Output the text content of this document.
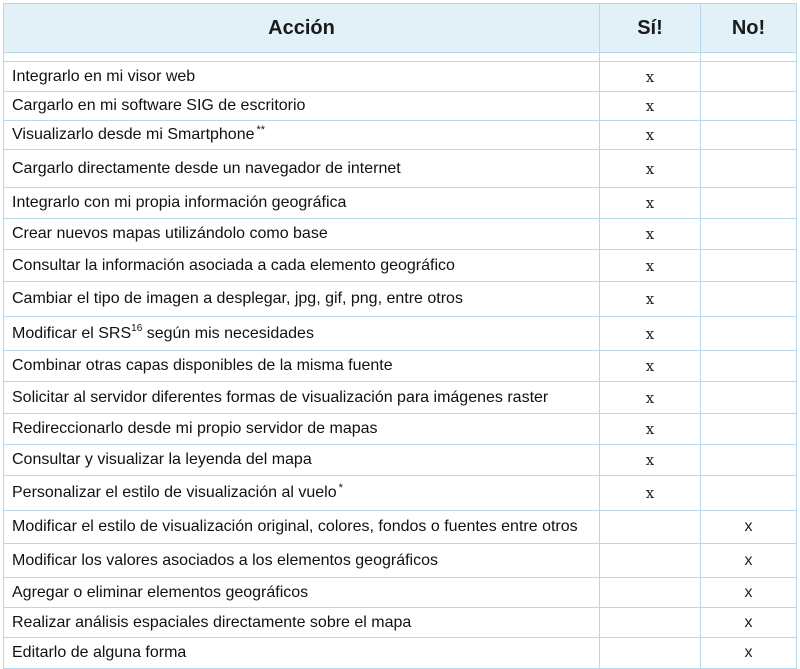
Acción	Sí!	No!

Integrarlo en mi visor web	x	
Cargarlo en mi software SIG de escritorio	x	
Visualizarlo desde mi Smartphone **	x	
Cargarlo directamente desde un navegador de internet	x	
Integrarlo con mi propia información geográfica	x	
Crear nuevos mapas utilizándolo como base	x	
Consultar la información asociada a cada elemento geográfico	x	
Cambiar el tipo de imagen a desplegar, jpg, gif, png, entre otros	x	
Modificar el SRS$^{16}$ según mis necesidades	x	
Combinar otras capas disponibles de la misma fuente	x	
Solicitar al servidor diferentes formas de visualización para imágenes raster	x	
Redireccionarlo desde mi propio servidor de mapas	x	
Consultar y visualizar la leyenda del mapa	x	
Personalizar el estilo de visualización al vuelo *	x	
Modificar el estilo de visualización original, colores, fondos o fuentes entre otros		x
Modificar los valores asociados a los elementos geográficos		x
Agregar o eliminar elementos geográficos		x
Realizar análisis espaciales directamente sobre el mapa		x
Editarlo de alguna forma		x
